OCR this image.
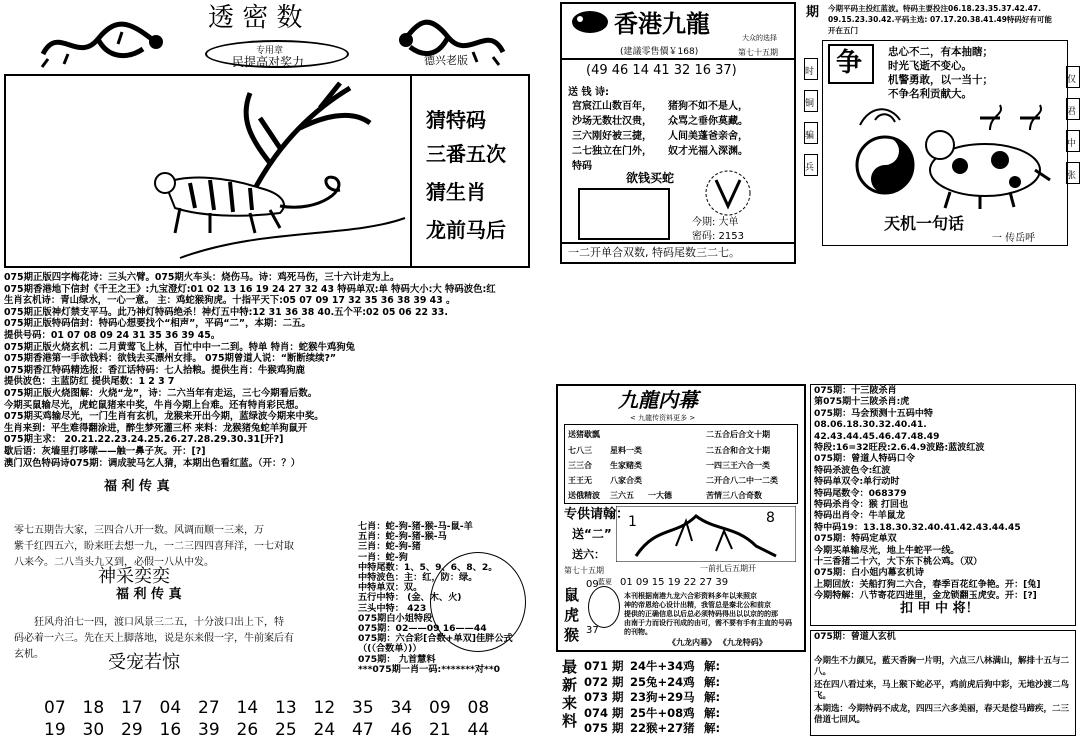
透 密 数
专用章
民提高对奖力	德兴老版
猜特码
三番五次
猜生肖
龙前马后
香港九龍	大众的选择
(建議零售價￥168)	第七十五期
(49 46 14 41 32 16 37)
送 钱 诗:
宫宸江山数百年，
沙场无数壮汉贵，
三六刚好被三捷，
二七独立在门外，
特码
猪狗不如不是人，
众骂之垂你莫藏。
人间美蓬爸亲舍，
奴才光福入深渊。
欲钱买蛇
今期: 大单
密码: 2153
一二开单合双数, 特码尾数三二七。
期 今期平码主投红蓝波。特码主要投注06.18.23.35.37.42.47.
09.15.23.30.42.平码主选: 07.17.20.38.41.49特码好有可能
开在五门
争 忠心不二，有本抽瞎；
时光飞逝不变心。
机警勇敢，以一当十；
不争名利贡献大。
时
铜
骗
兵
仅
君
中
张
天机一句话
一 传岳呼
075期正版四字梅花诗：三头六臂。075期火车头：烧伤马。诗：鸡死马伤，三十六计走为上。
075期香港地下信封《千王之王》:九宝澄灯:01 02 13 16 19 24 27 32 43 特码单双:单 特码大小:大 特码波色:红
生肖玄机诗：青山绿水，一心一意。 主：鸡蛇猴狗虎。十指平天下:05 07 09 17 32 35 36 38 39 43 。
075期正版神灯禁支平马。此乃神灯特码绝杀！神灯五中特:12 31 36 38 40.五个平:02 05 06 22 33.
075期正版特码信封：特码心想要找个“相声”，平码“二”，本期：二五。
提供号码：01 07 08 09 24 31 35 36 39 45。
075期正版火烧玄机：二月黄莺飞上林，百忙中中一二到。特单 特肖：蛇猴牛鸡狗兔
075期香港第一手欲钱料：欲钱去买漂州女排。 075期曾道人说：“断断续续?”
075期香江特码精选报：香江话特码：七人拾粮。提供生肖：牛猴鸡狗鹿
提供波色：主蓝防红 提供尾数：1 2 3 7
075期正版火烧图解：火烧“龙”，诗：二六当年有走运，三七今期看后数。
今期买鼠输尽光，虎蛇鼠猪来中奖，牛肖今期上台难。还有特肖彩民想。
075期买鸡输尽光，一门生肖有玄机，龙猴来开出今期，蓝绿波今期来中奖。
生肖来到：平生难得翻涂进，醉生梦死灌三杯 来料：龙猴猪兔蛇羊狗鼠开
075期主求： 20.21.22.23.24.25.26.27.28.29.30.31[开?]
歇后语：灰墙里打哆嗦——触一鼻子灰。开：[?]
澳门双色特码诗075期：调成驶马乞人猜，本期出色看红蓝。（开：？）
福 利 传 真
零七五期告大家，三四合八开一数。风调而顺一三来，万
紫千红四五六，盼来旺去想一九，一二三四四喜拜洋，一七对取
八来今。二八当头九又到，必假一八从中发。
神采奕奕
福 利 传 真
狂风舟泊七一四，渡口风景三二五，十分波口出上下，特
码必着一六三。先在天上脚落地，说是东来假一字，牛前案后有
玄机。	受宠若惊
07 18 17 04 27 14 13 12 35 34 09 08
19 30 29 16 39 26 25 24 47 46 21 44
七肖：蛇-狗-猪-猴-马-鼠-羊
五肖：蛇-狗-猪-猴-马
三肖：蛇-狗-猪
一肖：蛇-狗
中特尾数：1、5、9、6、8、2。
中特波色：主：红，防：绿。
中特单双：双。
五行中特： (金、木、火)
三头中特： 423
075期白小姐特段
075期：02——09 16——44
075期：六合彩[合数+单双]佳胖公式
（(（合数单）)）
075期： 九首慧料
***075期一肖一码:*******对**0
九龍内幕
< 九龍传资料更多 >
送猪歇瓢	二五合 后合文十期
七八三 星料一类	二五合 和合文十期
三三合 生家赌类	一四三 王六合一类
王王无 八家合类	二开合 八二中一二类
送俄精波 三六五 一大德	苦情三八合奇数
专供请翰：
送“二”
送六：
8
1
第七十五期
藍夏
一前扎后五期开
鼠
虎
猴
09
37
01 09 15 19 22 27 39
本刊根据南港九龙六合彩资料多年以来照京
神的帝恩给心设计出精，我管总是秦北公和前京
提供的正确信息以后总必须特码得出以以京的的那
由南于力而设行刊成的由可，需不要有手有主直的号码
的刊物。
《九龙内幕》 《九龙特码》
071 期 24牛+34鸡 解:
072 期 25兔+24鸡 解:
073 期 23狗+29马 解:
074 期 25牛+08鸡 解:
075 期 22猴+27猪 解:
最
新
来
料
075期：十三陂杀肖
第075期十三陂杀肖:虎
075期：马会预测十五码中特
08.06.18.30.32.40.41.
42.43.44.45.46.47.48.49
特段:16=32旺段:2.6.4.9波路:蓝波红波
075期：曾道人特码口令
特码杀波色令:红波
特码单双令:单行动时
特码尾数令：068379
特码杀肖令：猴 打回也
特码出肖令：牛羊鼠龙
特中码19：13.18.30.32.40.41.42.43.44.45
075期：特码定单双
今期买单输尽光，地上牛蛇平一线。
十三香猪二十六，大下东下桃公鸡。（双）
075期：白小姐内幕玄机诗
上期回放：关船打狗二六合，春季百花红争艳。开：[兔]
今期特解：八节寄花四进里，金龙锁翻玉虎安。开：[?]
扣 甲 中 将！
075期：曾道人玄机
今期生不力颜兄，藍天香胸一片明，六点三八林满山，解排十五与二八。
还在四八看过来，马上猴下蛇必平，鸡前虎后狗中彩，无地沙渡二鸟飞。
本期选：今期特码不成龙，四四三六多美丽，春天是偿马蹄疾，二三借道七回风。
